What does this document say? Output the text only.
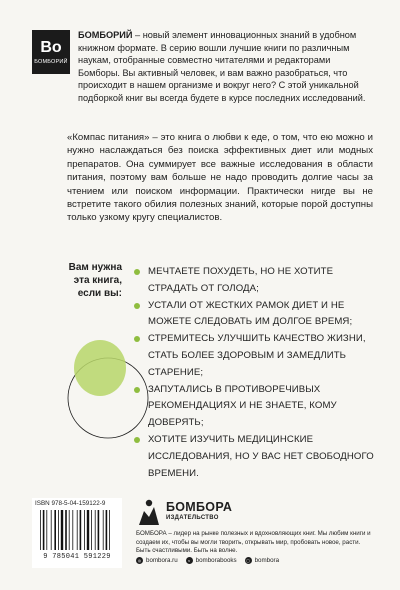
Bo
БОМБОРИЙ

БОМБОРИЙ – новый элемент инновационных знаний в удобном книжном формате. В серию вошли лучшие книги по различным наукам, отобранные совместно читателями и редакторами Бомборы. Вы активный человек, и вам важно разобраться, что происходит в нашем организме и вокруг него? С этой уникальной подборкой книг вы всегда будете в курсе последних исследований.

«Компас питания» – это книга о любви к еде, о том, что ею можно и нужно наслаждаться без поиска эффективных диет или модных препаратов. Она суммирует все важные исследования в области питания, поэтому вам больше не надо проводить долгие часы за чтением или поиском информации. Практически нигде вы не встретите такого обилия полезных знаний, которые порой доступны только узкому кругу специалистов.

Вам нужна
эта книга,
если вы:

МЕЧТАЕТЕ ПОХУДЕТЬ, НО НЕ ХОТИТЕ СТРАДАТЬ ОТ ГОЛОДА;
УСТАЛИ ОТ ЖЕСТКИХ РАМОК ДИЕТ И НЕ МОЖЕТЕ СЛЕДОВАТЬ ИМ ДОЛГОЕ ВРЕМЯ;
СТРЕМИТЕСЬ УЛУЧШИТЬ КАЧЕСТВО ЖИЗНИ, СТАТЬ БОЛЕЕ ЗДОРОВЫМ И ЗАМЕДЛИТЬ СТАРЕНИЕ;
ЗАПУТАЛИСЬ В ПРОТИВОРЕЧИВЫХ РЕКОМЕНДАЦИЯХ И НЕ ЗНАЕТЕ, КОМУ ДОВЕРЯТЬ;
ХОТИТЕ ИЗУЧИТЬ МЕДИЦИНСКИЕ ИССЛЕДОВАНИЯ, НО У ВАС НЕТ СВОБОДНОГО ВРЕМЕНИ.
ISBN 978-5-04-159122-9
9 785041 591229

БОМБОРА

ИЗДАТЕЛЬСТВО

БОМБОРА – лидер на рынке полезных и вдохновляющих книг. Мы любим книги и создаем их, чтобы вы могли творить, открывать мир, пробовать новое, расти. Быть счастливыми. Быть на волне.

◎ bombora.ru	v bomborabooks	◻ bombora
